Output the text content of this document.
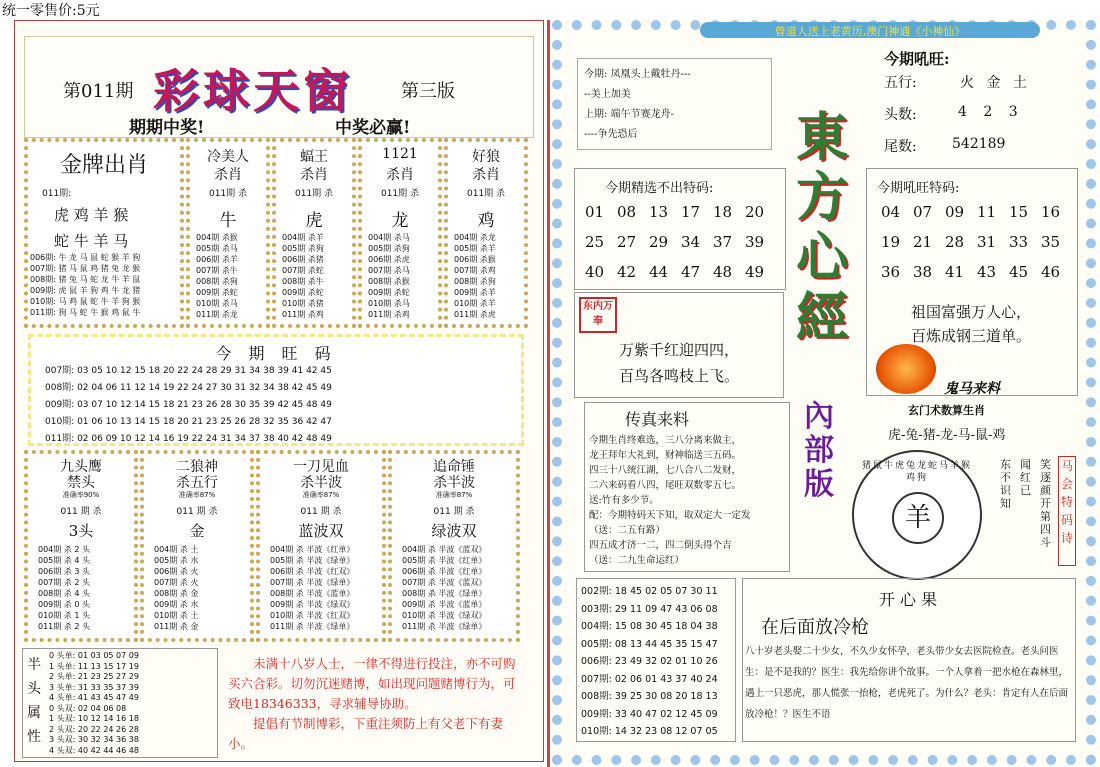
统一零售价:5元
第011期 彩球天窗	第三版
期期中奖!	中奖必赢!
金牌出肖
011期:
虎 鸡 羊 猴
蛇 牛 羊 马
006期: 牛 龙 马 鼠 蛇 猴 羊 狗
007期: 猪 马 鼠 鸡 猪 兔 龙 猴
008期: 猪 兔 马 蛇 龙 牛 羊 鼠
009期: 虎 鼠 羊 狗 鸡 牛 龙 猪
010期: 马 鸡 鼠 蛇 牛 羊 狗 猴
011期: 狗 马 蛇 牛 猴 鸡 鼠 牛
冷美人
杀肖
011期 杀
牛
004期 杀猴
005期 杀马
006期 杀羊
007期 杀牛
008期 杀狗
009期 杀蛇
010期 杀马
011期 杀龙
蝠王
杀肖
011期 杀
虎
004期 杀羊
005期 杀狗
006期 杀猪
007期 杀蛇
008期 杀牛
009期 杀蛇
010期 杀猪
011期 杀鸡
1121
杀肖
011期 杀
龙
004期 杀马
005期 杀狗
006期 杀虎
007期 杀马
008期 杀猴
009期 杀蛇
010期 杀马
011期 杀鸡
好狼
杀肖
011期 杀
鸡
004期 杀龙
005期 杀羊
006期 杀猴
007期 杀鸡
008期 杀狗
009期 杀羊
010期 杀羊
011期 杀虎
今 期 旺 码
007期: 03 05 10 12 15 18 20 22 24 28 29 31 34 38 39 41 42 45
008期: 02 04 06 11 12 14 19 22 24 27 30 31 32 34 38 42 45 49
009期: 03 07 10 12 14 15 18 21 23 26 28 30 35 39 42 45 48 49
010期: 01 06 10 13 14 15 18 20 21 23 25 26 28 32 35 36 42 47
011期: 02 06 09 10 12 14 16 19 22 24 31 34 37 38 40 42 48 49
九头鹰
禁头
准确率90%
011 期 杀
3头
004期 杀 2 头
005期 杀 4 头
006期 杀 3 头
007期 杀 2 头
008期 杀 4 头
009期 杀 0 头
010期 杀 1 头
011期 杀 2 头
二狼神
杀五行
准确率87%
011 期 杀
金
004期 杀 土
005期 杀 水
006期 杀 火
007期 杀 火
008期 杀 金
009期 杀 水
010期 杀 土
011期 杀 金
一刀见血
杀半波
准确率87%
011 期 杀
蓝波双
004期 杀 半波《红单》
005期 杀 半波《绿单》
006期 杀 半波《红双》
007期 杀 半波《绿单》
008期 杀 半波《蓝单》
009期 杀 半波《绿双》
010期 杀 半波《红双》
011期 杀 半波《绿单》
追命锤
杀半波
准确率87%
011 期 杀
绿波双
004期 杀 半波《蓝双》
005期 杀 半波《红单》
006期 杀 半波《红单》
007期 杀 半波《蓝双》
008期 杀 半波《绿单》
009期 杀 半波《蓝单》
010期 杀 半波《绿双》
011期 杀 半波《绿单》
半头属性
0 头单: 01 03 05 07 09
1 头单: 11 13 15 17 19
2 头单: 21 23 25 27 29
3 头单: 31 33 35 37 39
4 头单: 41 43 45 47 49
0 头双: 02 04 06 08
1 头双: 10 12 14 16 18
2 头双: 20 22 24 26 28
3 头双: 30 32 34 36 38
4 头双: 40 42 44 46 48
未满十八岁人士，一律不得进行投注，亦不可购买六合彩。切勿沉迷赌博，如出现问题赌博行为，可致电18346333，寻求辅导协助。
提倡有节制博彩，下重注须防上有父老下有妻小。
曾道人送上老黄历,澳门神通《小神仙》
今期: 凤凰头上戴牡丹---
--美上加美
上期: 端午节赛龙舟-
----争先恐后	東方心經
內部版
今期吼旺:
五行:	火 金 土
头数:	4 2 3
尾数:	542189
今期精选不出特码:
01 08 13 17 18 20
25 27 29 34 37 39
40 42 44 47 48 49
今期吼旺特码:
04 07 09 11 15 16
19 21 28 31 33 35
36 38 41 43 45 46
祖国富强万人心，
百炼成钢三道单。
东内万奉
万紫千红迎四四，
百鸟各鸣枝上飞。
鬼马来料
玄门术数算生肖
虎-兔-猪-龙-马-鼠-鸡
传真来料
今期生肖终难选，三八分离来做主，
龙王拜年大礼到，财神临送三五码。
四三十八统江湖，七八合八二发财，
二六来码看八四，尾旺双数零五七。
送:竹有多少节。
配：今期特码天下知，取双定大一定发
（送：二五有路）
四五成才济一二，四二倒头得个吉
（送：二九生命运红）
猪鼠牛虎兔龙蛇马羊猴鸡狗
羊
东不识知
闻红已
笑逐颜开第四斗
马会特码诗
002期: 18 45 02 05 07 30 11
003期: 29 11 09 47 43 06 08
004期: 15 08 30 45 18 04 38
005期: 08 13 44 45 35 15 47
006期: 23 49 32 02 01 10 26
007期: 02 06 01 43 37 40 24
008期: 39 25 30 08 20 18 13
009期: 33 40 47 02 12 45 09
010期: 14 32 23 08 12 07 05
开 心 果
在后面放冷枪
八十岁老头娶二十少女，不久少女怀孕，老头带少女去医院检查。老头问医生：是不是我的？医生：我先给你讲个故事。一个人拿着一把水枪在森林里，遇上一只恶虎，那人慌张一抬枪，老虎死了。为什么？老头：肯定有人在后面放冷枪！？医生不语
